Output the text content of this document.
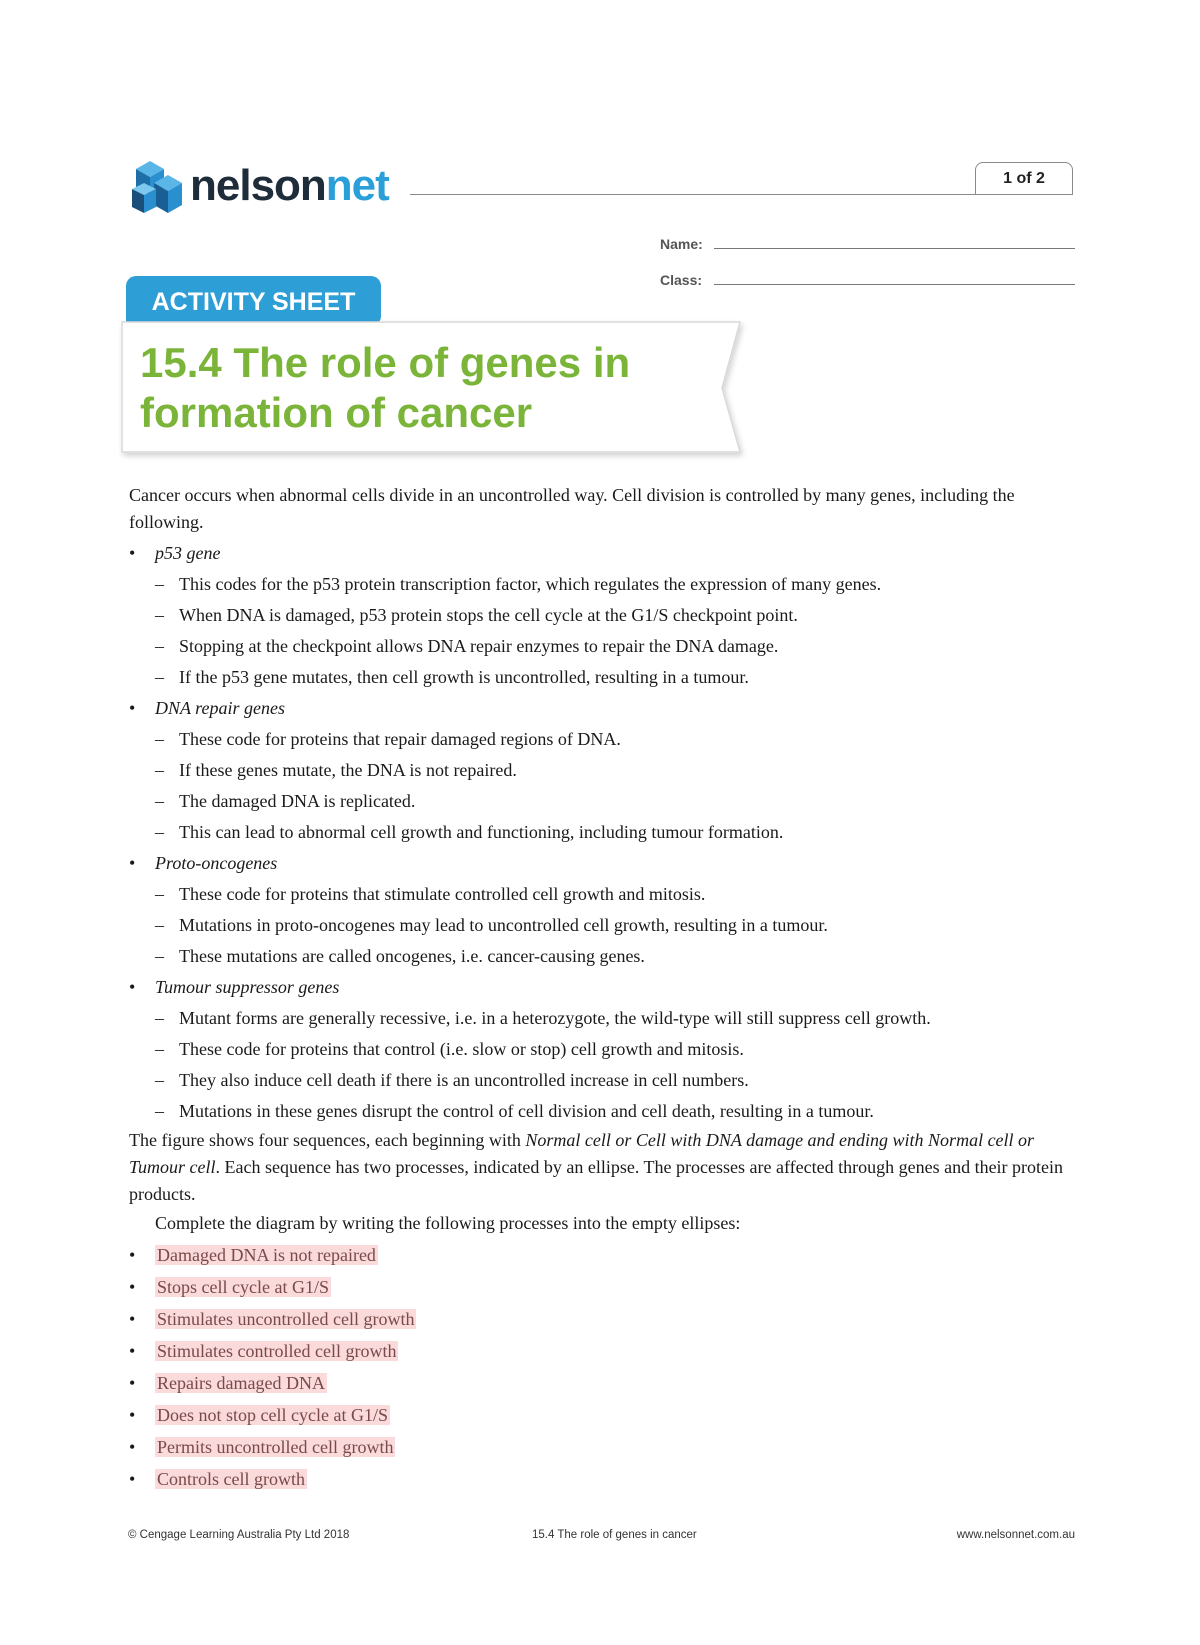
nelsonnet	1 of 2
Name:
Class:
ACTIVITY SHEET
15.4 The role of genes in formation of cancer

Cancer occurs when abnormal cells divide in an uncontrolled way. Cell division is controlled by many genes, including the following.

• p53 gene
– This codes for the p53 protein transcription factor, which regulates the expression of many genes.
– When DNA is damaged, p53 protein stops the cell cycle at the G1/S checkpoint point.
– Stopping at the checkpoint allows DNA repair enzymes to repair the DNA damage.
– If the p53 gene mutates, then cell growth is uncontrolled, resulting in a tumour.
• DNA repair genes
– These code for proteins that repair damaged regions of DNA.
– If these genes mutate, the DNA is not repaired.
– The damaged DNA is replicated.
– This can lead to abnormal cell growth and functioning, including tumour formation.
• Proto-oncogenes
– These code for proteins that stimulate controlled cell growth and mitosis.
– Mutations in proto-oncogenes may lead to uncontrolled cell growth, resulting in a tumour.
– These mutations are called oncogenes, i.e. cancer-causing genes.
• Tumour suppressor genes
– Mutant forms are generally recessive, i.e. in a heterozygote, the wild-type will still suppress cell growth.
– These code for proteins that control (i.e. slow or stop) cell growth and mitosis.
– They also induce cell death if there is an uncontrolled increase in cell numbers.
– Mutations in these genes disrupt the control of cell division and cell death, resulting in a tumour.

The figure shows four sequences, each beginning with Normal cell or Cell with DNA damage and ending with Normal cell or Tumour cell. Each sequence has two processes, indicated by an ellipse. The processes are affected through genes and their protein products.

Complete the diagram by writing the following processes into the empty ellipses:

• Damaged DNA is not repaired
• Stops cell cycle at G1/S
• Stimulates uncontrolled cell growth
• Stimulates controlled cell growth
• Repairs damaged DNA
• Does not stop cell cycle at G1/S
• Permits uncontrolled cell growth
• Controls cell growth
© Cengage Learning Australia Pty Ltd 2018	15.4 The role of genes in cancer	www.nelsonnet.com.au
